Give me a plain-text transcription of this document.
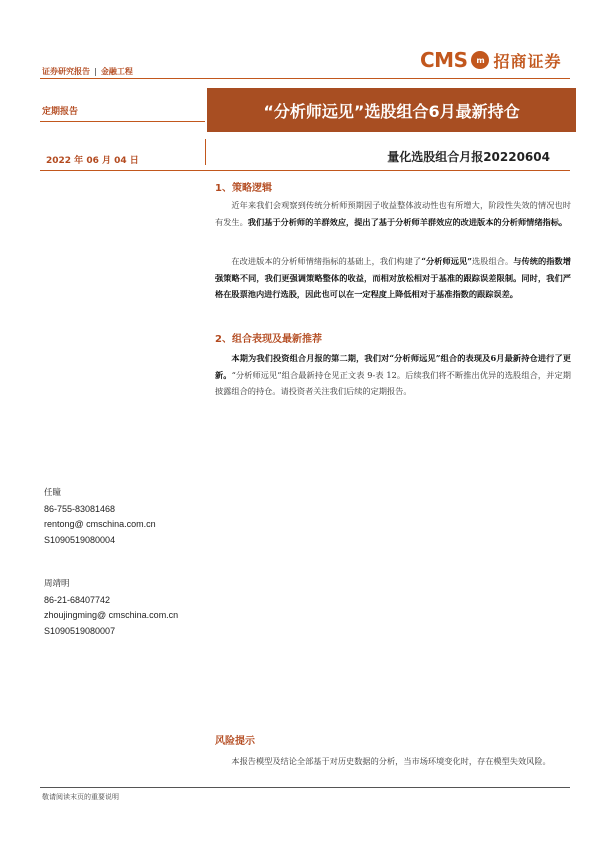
证券研究报告 | 金融工程	CMS	m 招商证券
定期报告	“分析师远见”选股组合6月最新持仓
2022 年 06 月 04 日	量化选股组合月报20220604
1、策略逻辑
近年来我们会观察到传统分析师预期因子收益整体波动性也有所增大，阶段性失效的情况也时有发生。我们基于分析师的羊群效应，提出了基于分析师羊群效应的改进版本的分析师情绪指标。
在改进版本的分析师情绪指标的基础上，我们构建了“分析师远见”选股组合。与传统的指数增强策略不同，我们更强调策略整体的收益，而相对放松相对于基准的跟踪误差限制。同时，我们严格在股票池内进行选股，因此也可以在一定程度上降低相对于基准指数的跟踪误差。
2、组合表现及最新推荐
本期为我们投资组合月报的第二期，我们对“分析师远见”组合的表现及6月最新持仓进行了更新。“分析师远见”组合最新持仓见正文表 9-表 12。后续我们将不断推出优异的选股组合，并定期披露组合的持仓。请投资者关注我们后续的定期报告。
任瞳
86-755-83081468
rentong@ cmschina.com.cn
S1090519080004
周靖明
86-21-68407742
zhoujingming@ cmschina.com.cn
S1090519080007
风险提示
本报告模型及结论全部基于对历史数据的分析，当市场环境变化时，存在模型失效风险。
敬请阅读末页的重要说明
